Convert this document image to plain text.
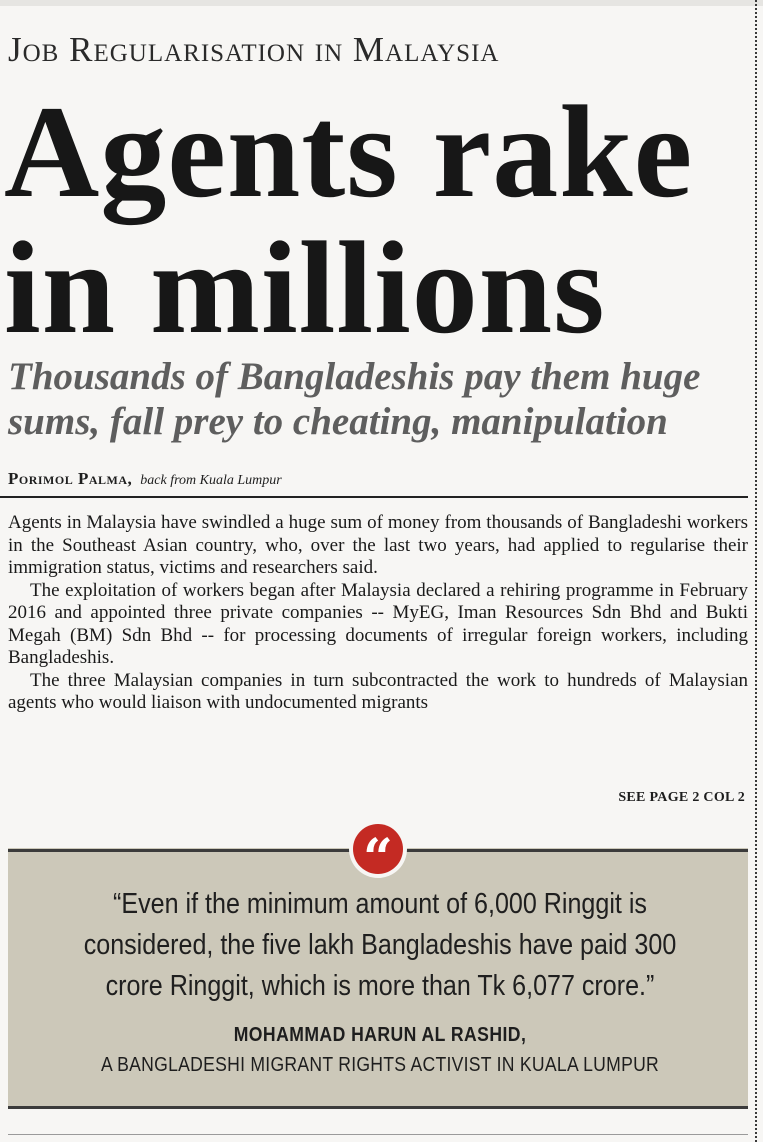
Job Regularisation in Malaysia
Agents rake
in millions
Thousands of Bangladeshis pay them huge sums, fall prey to cheating, manipulation
Porimol Palma, back from Kuala Lumpur

Agents in Malaysia have swindled a huge sum of money from thousands of Bangladeshi workers in the Southeast Asian country, who, over the last two years, had applied to regularise their immigration status, victims and researchers said.

The exploitation of workers began after Malaysia declared a rehiring programme in February 2016 and appointed three private companies -- MyEG, Iman Resources Sdn Bhd and Bukti Megah (BM) Sdn Bhd -- for processing documents of irregular foreign workers, including Bangladeshis.

The three Malaysian companies in turn subcontracted the work to hundreds of Malaysian agents who would liaison with undocumented migrants

SEE PAGE 2 COL 2
“
“Even if the minimum amount of 6,000 Ringgit is considered, the five lakh Bangladeshis have paid 300 crore Ringgit, which is more than Tk 6,077 crore.”
MOHAMMAD HARUN AL RASHID,
A BANGLADESHI MIGRANT RIGHTS ACTIVIST IN KUALA LUMPUR
